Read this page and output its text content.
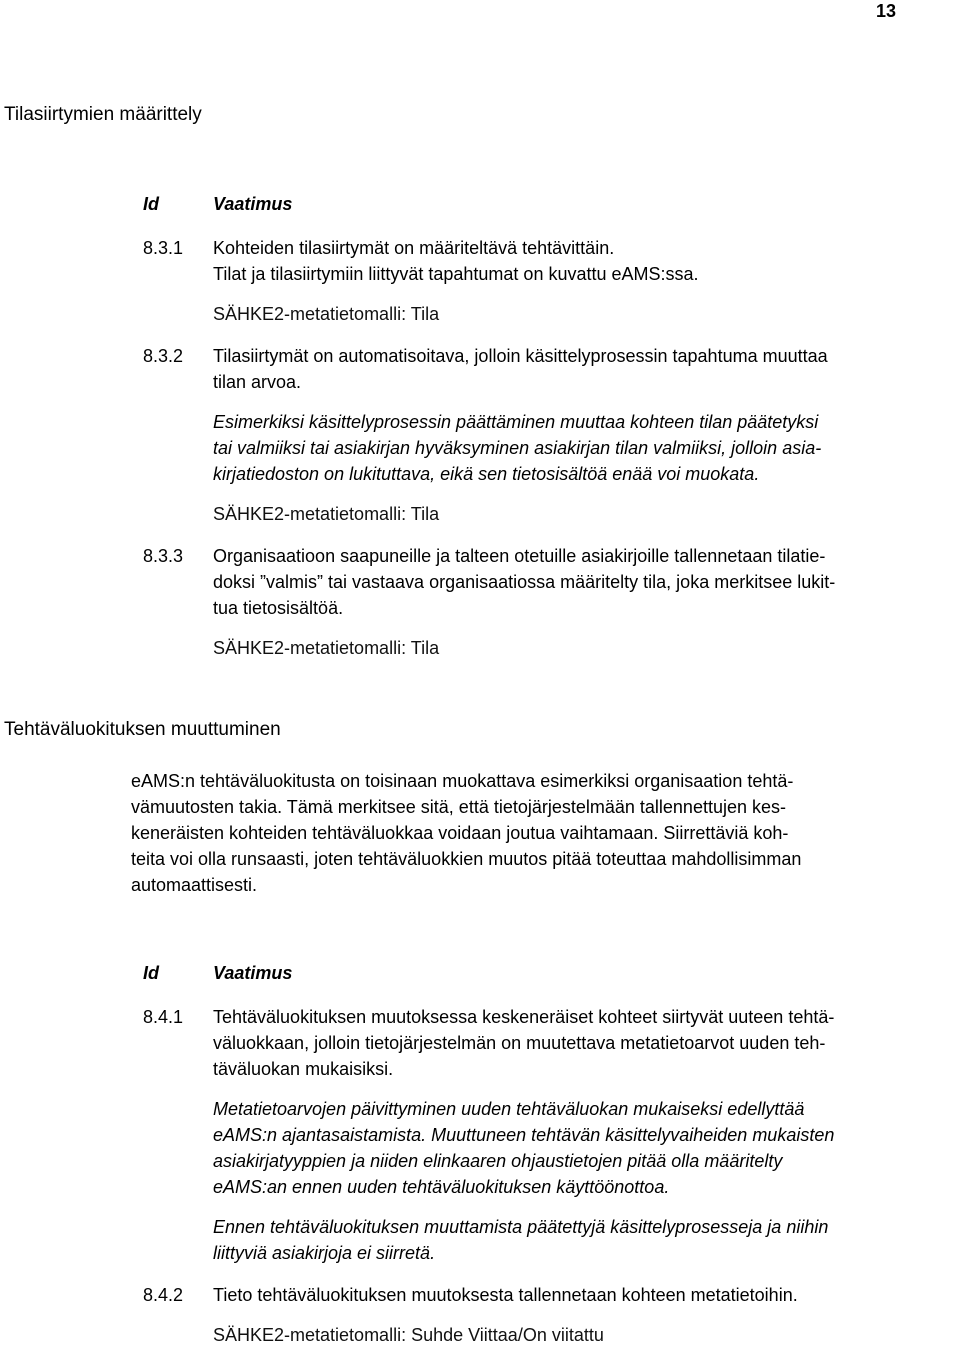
13
Tilasiirtymien määrittely
Id	Vaatimus
8.3.1 Kohteiden tilasiirtymät on määriteltävä tehtävittäin.
Tilat ja tilasiirtymiin liittyvät tapahtumat on kuvattu eAMS:ssa.

SÄHKE2-metatietomalli: Tila

8.3.2 Tilasiirtymät on automatisoitava, jolloin käsittelyprosessin tapahtuma muuttaa
tilan arvoa.

Esimerkiksi käsittelyprosessin päättäminen muuttaa kohteen tilan päätetyksi
tai valmiiksi tai asiakirjan hyväksyminen asiakirjan tilan valmiiksi, jolloin asia-
kirjatiedoston on lukituttava, eikä sen tietosisältöä enää voi muokata.

SÄHKE2-metatietomalli: Tila

8.3.3 Organisaatioon saapuneille ja talteen otetuille asiakirjoille tallennetaan tilatie-
doksi ”valmis” tai vastaava organisaatiossa määritelty tila, joka merkitsee lukit-
tua tietosisältöä.

SÄHKE2-metatietomalli: Tila

Tehtäväluokituksen muuttuminen

eAMS:n tehtäväluokitusta on toisinaan muokattava esimerkiksi organisaation tehtä-
vämuutosten takia. Tämä merkitsee sitä, että tietojärjestelmään tallennettujen kes-
keneräisten kohteiden tehtäväluokkaa voidaan joutua vaihtamaan. Siirrettäviä koh-
teita voi olla runsaasti, joten tehtäväluokkien muutos pitää toteuttaa mahdollisimman
automaattisesti.

Id	Vaatimus
8.4.1 Tehtäväluokituksen muutoksessa keskeneräiset kohteet siirtyvät uuteen tehtä-
väluokkaan, jolloin tietojärjestelmän on muutettava metatietoarvot uuden teh-
täväluokan mukaisiksi.

Metatietoarvojen päivittyminen uuden tehtäväluokan mukaiseksi edellyttää
eAMS:n ajantasaistamista. Muuttuneen tehtävän käsittelyvaiheiden mukaisten
asiakirjatyyppien ja niiden elinkaaren ohjaustietojen pitää olla määritelty
eAMS:an ennen uuden tehtäväluokituksen käyttöönottoa.

Ennen tehtäväluokituksen muuttamista päätettyjä käsittelyprosesseja ja niihin
liittyviä asiakirjoja ei siirretä.

8.4.2 Tieto tehtäväluokituksen muutoksesta tallennetaan kohteen metatietoihin.

SÄHKE2-metatietomalli: Suhde Viittaa/On viitattu
